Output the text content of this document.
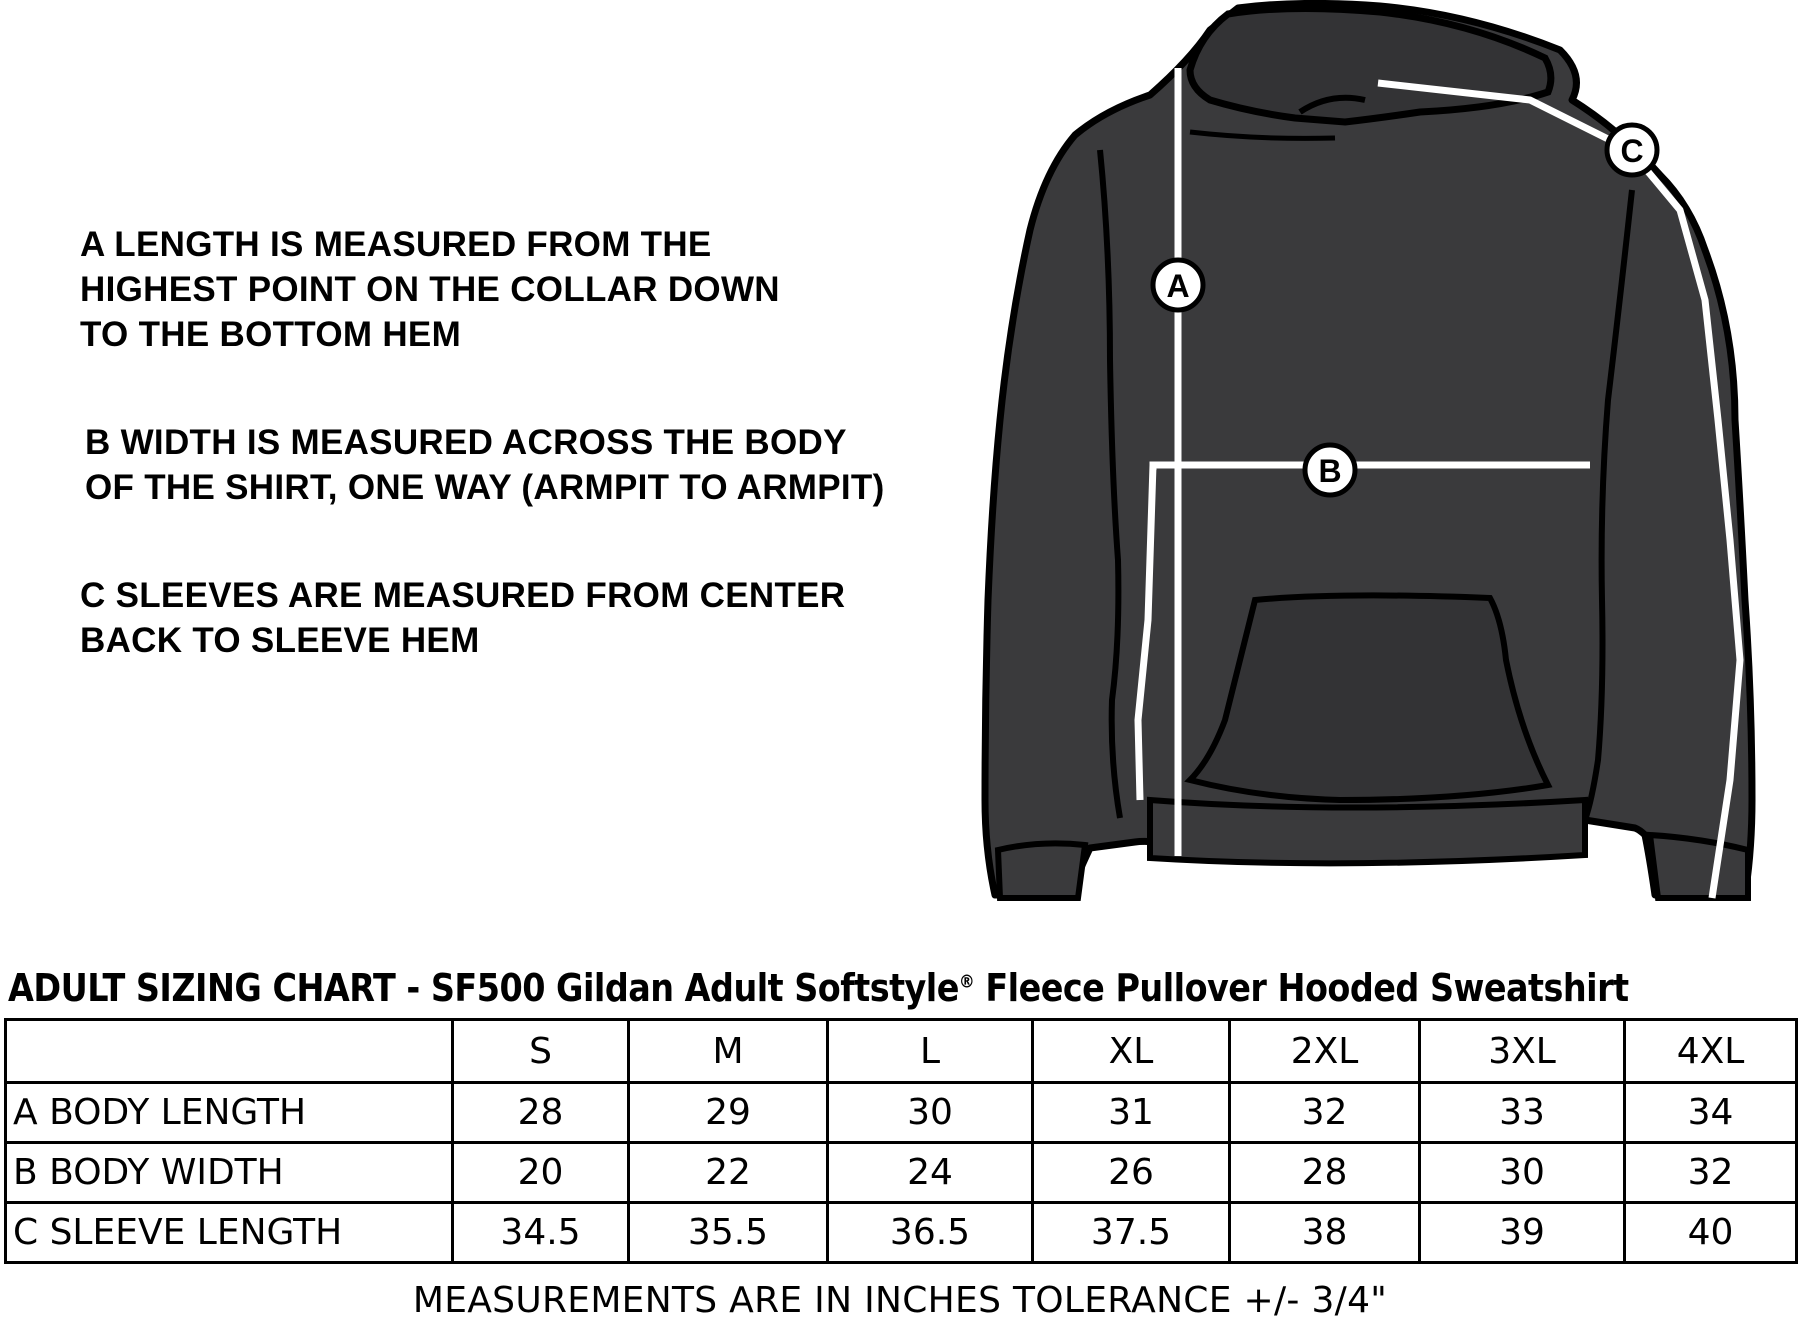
A LENGTH IS MEASURED FROM THE
HIGHEST POINT ON THE COLLAR DOWN
TO THE BOTTOM HEM

B WIDTH IS MEASURED ACROSS THE BODY
OF THE SHIRT, ONE WAY (ARMPIT TO ARMPIT)

C SLEEVES ARE MEASURED FROM CENTER
BACK TO SLEEVE HEM

A
B
C
ADULT SIZING CHART - SF500 Gildan Adult Softstyle® Fleece Pullover Hooded Sweatshirt
	S	M	L	XL	2XL	3XL	4XL
A BODY LENGTH	28	29	30	31	32	33	34
B BODY WIDTH	20	22	24	26	28	30	32
C SLEEVE LENGTH	34.5	35.5	36.5	37.5	38	39	40

MEASUREMENTS ARE IN INCHES TOLERANCE +/- 3/4"
